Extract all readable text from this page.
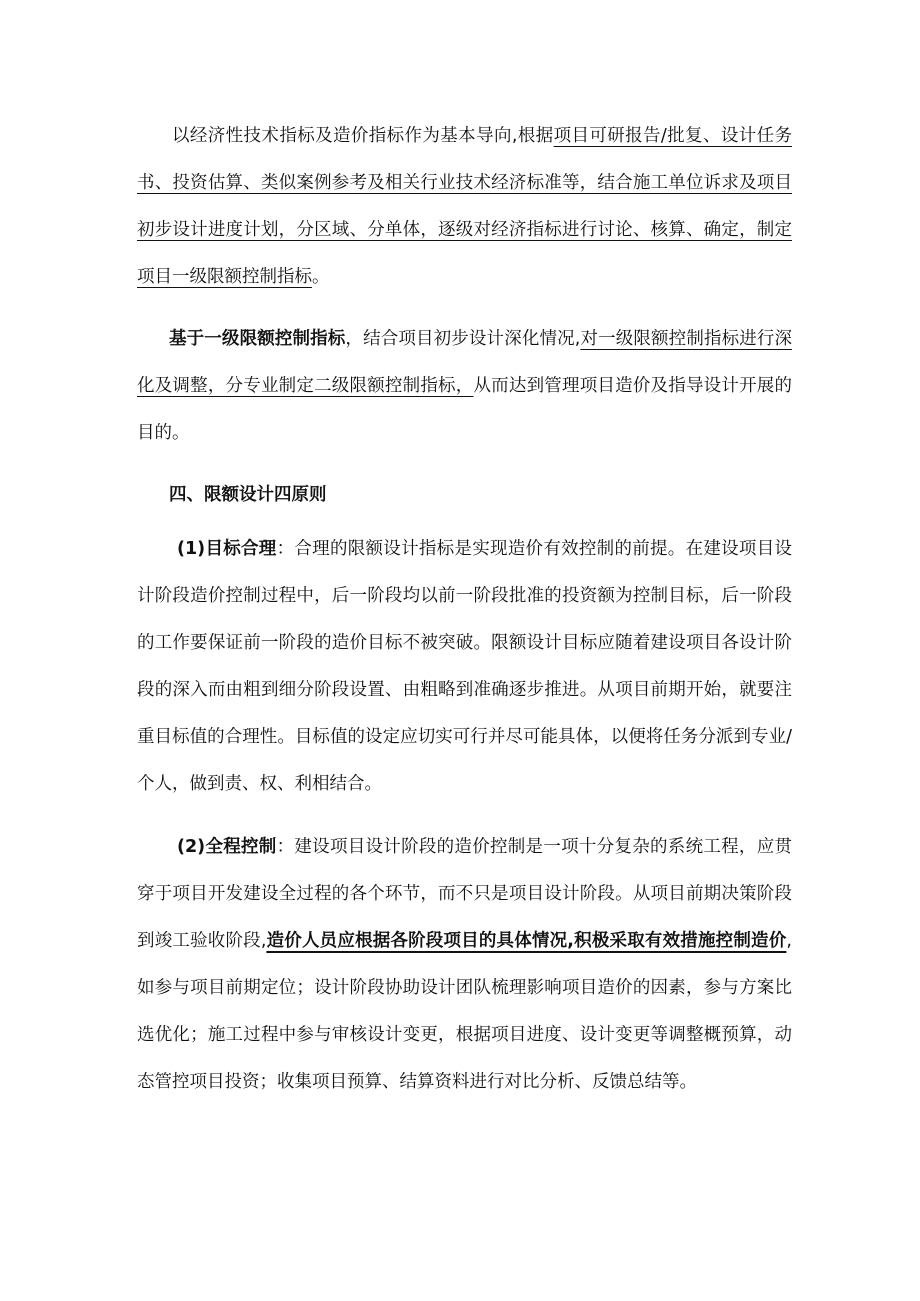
以经济性技术指标及造价指标作为基本导向,根据项目可研报告/批复、设计任务书、投资估算、类似案例参考及相关行业技术经济标准等，结合施工单位诉求及项目初步设计进度计划，分区域、分单体，逐级对经济指标进行讨论、核算、确定，制定项目一级限额控制指标。

基于一级限额控制指标，结合项目初步设计深化情况,对一级限额控制指标进行深化及调整，分专业制定二级限额控制指标，从而达到管理项目造价及指导设计开展的目的。

四、限额设计四原则

(1)目标合理：合理的限额设计指标是实现造价有效控制的前提。在建设项目设计阶段造价控制过程中，后一阶段均以前一阶段批准的投资额为控制目标，后一阶段的工作要保证前一阶段的造价目标不被突破。限额设计目标应随着建设项目各设计阶段的深入而由粗到细分阶段设置、由粗略到准确逐步推进。从项目前期开始，就要注重目标值的合理性。目标值的设定应切实可行并尽可能具体，以便将任务分派到专业/个人，做到责、权、利相结合。

(2)全程控制：建设项目设计阶段的造价控制是一项十分复杂的系统工程，应贯穿于项目开发建设全过程的各个环节，而不只是项目设计阶段。从项目前期决策阶段到竣工验收阶段,造价人员应根据各阶段项目的具体情况,积极采取有效措施控制造价,如参与项目前期定位；设计阶段协助设计团队梳理影响项目造价的因素，参与方案比选优化；施工过程中参与审核设计变更，根据项目进度、设计变更等调整概预算，动态管控项目投资；收集项目预算、结算资料进行对比分析、反馈总结等。
